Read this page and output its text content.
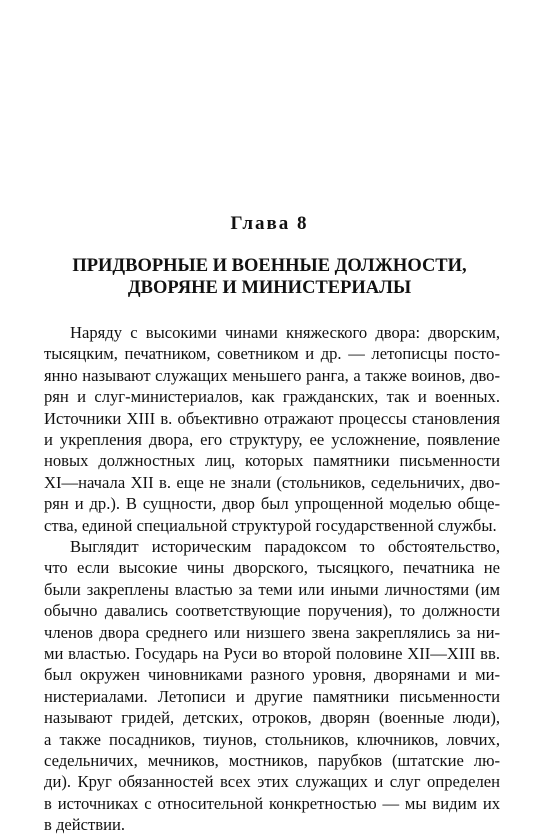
Глава 8
ПРИДВОРНЫЕ И ВОЕННЫЕ ДОЛЖНОСТИ,
ДВОРЯНЕ И МИНИСТЕРИАЛЫ
Наряду с высокими чинами княжеского двора: дворским,
тысяцким, печатником, советником и др. — летописцы посто-
янно называют служащих меньшего ранга, а также воинов, дво-
рян и слуг-министериалов, как гражданских, так и военных.
Источники XIII в. объективно отражают процессы становления
и укрепления двора, его структуру, ее усложнение, появление
новых должностных лиц, которых памятники письменности
XI—начала XII в. еще не знали (стольников, седельничих, дво-
рян и др.). В сущности, двор был упрощенной моделью обще-
ства, единой специальной структурой государственной службы.
Выглядит историческим парадоксом то обстоятельство,
что если высокие чины дворского, тысяцкого, печатника не
были закреплены властью за теми или иными личностями (им
обычно давались соответствующие поручения), то должности
членов двора среднего или низшего звена закреплялись за ни-
ми властью. Государь на Руси во второй половине XII—XIII вв.
был окружен чиновниками разного уровня, дворянами и ми-
нистериалами. Летописи и другие памятники письменности
называют гридей, детских, отроков, дворян (военные люди),
а также посадников, тиунов, стольников, ключников, ловчих,
седельничих, мечников, мостников, парубков (штатские лю-
ди). Круг обязанностей всех этих служащих и слуг определен
в источниках с относительной конкретностью — мы видим их
в действии.
